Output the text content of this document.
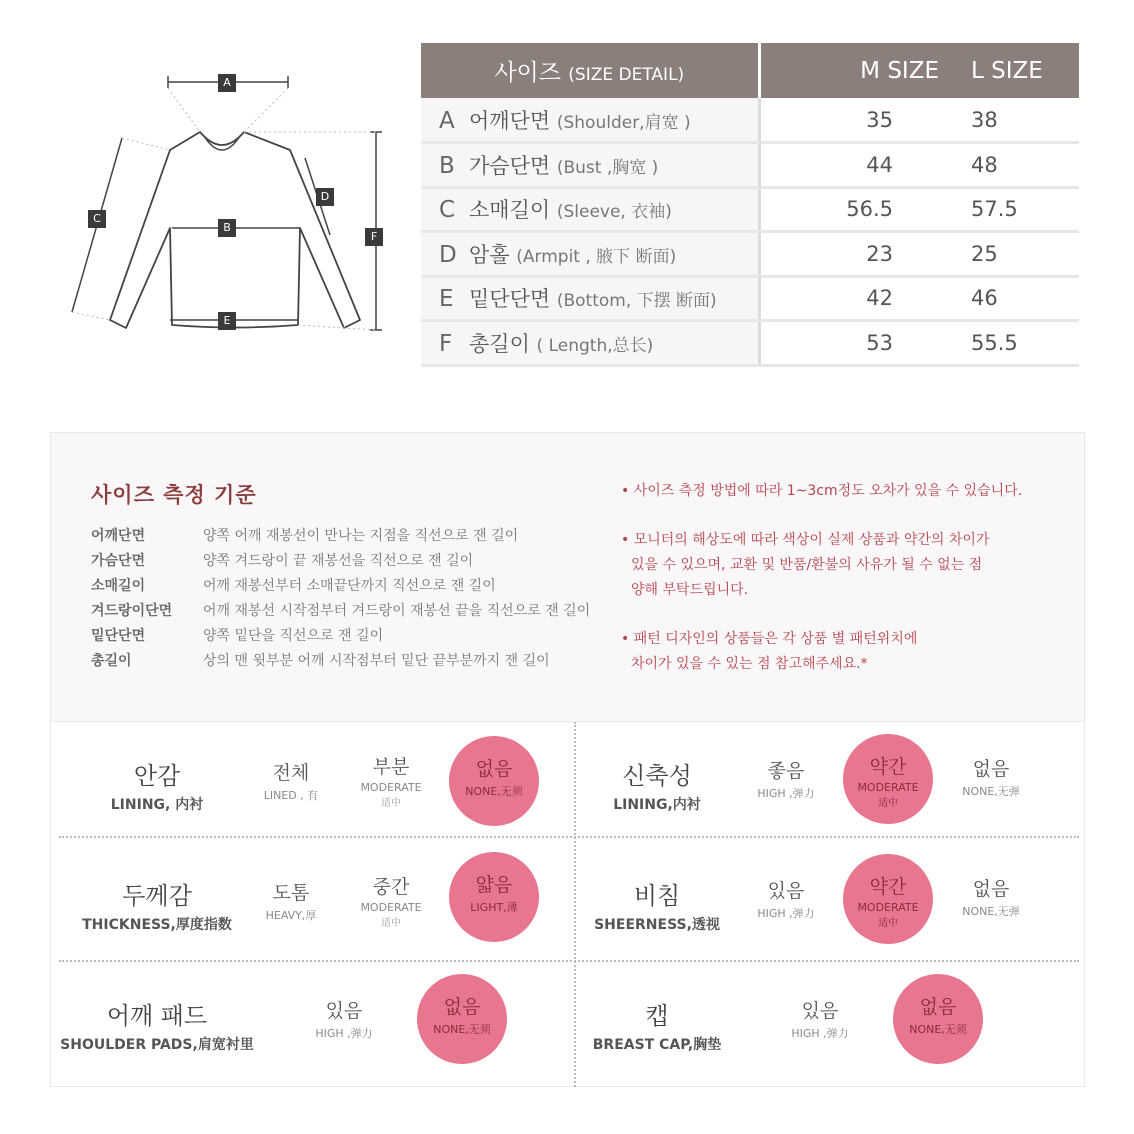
A
B
C
D
E
F
사이즈 (SIZE DETAIL)	M SIZE	L SIZE
A 어깨단면 (Shoulder,肩宽 )	35	38
B 가슴단면 (Bust ,胸宽 )	44	48
C 소매길이 (Sleeve, 衣袖)	56.5	57.5
D 암홀 (Armpit , 腋下 断面)	23	25
E 밑단단면 (Bottom, 下摆 断面)	42	46
F 총길이 ( Length,总长)	53	55.5
사이즈 측정 기준
어깨단면	양쪽 어깨 재봉선이 만나는 지점을 직선으로 잰 길이
가슴단면	양쪽 겨드랑이 끝 재봉선을 직선으로 잰 길이
소매길이	어깨 재봉선부터 소매끝단까지 직선으로 잰 길이
겨드랑이단면 어깨 재봉선 시작점부터 겨드랑이 재봉선 끝을 직선으로 잰 길이
밑단단면	양쪽 밑단을 직선으로 잰 길이
총길이	상의 맨 윗부분 어깨 시작점부터 밑단 끝부분까지 잰 길이
• 사이즈 측정 방법에 따라 1~3cm정도 오차가 있을 수 있습니다.
• 모니터의 해상도에 따라 색상이 실제 상품과 약간의 차이가
있을 수 있으며, 교환 및 반품/환불의 사유가 될 수 없는 점
양해 부탁드립니다.
• 패턴 디자인의 상품들은 각 상품 별 패턴위치에
차이가 있을 수 있는 점 참고해주세요.*
안감
LINING, 内衬
전체
LINED , 有
부분
MODERATE
适中
없음
NONE,无须
신축성
LINING,内衬
좋음
HIGH ,弹力
약간
MODERATE
适中
없음
NONE,无弹
두께감
THICKNESS,厚度指数
도톰
HEAVY,厚
중간
MODERATE
适中
얇음
LIGHT,薄	비침
SHEERNESS,透视
있음
HIGH ,弹力
약간
MODERATE
适中
없음
NONE,无弹
어깨 패드
SHOULDER PADS,肩宽衬里
있음
HIGH ,弹力
없음
NONE,无须	캡
BREAST CAP,胸垫
있음
HIGH ,弹力
없음
NONE,无须
